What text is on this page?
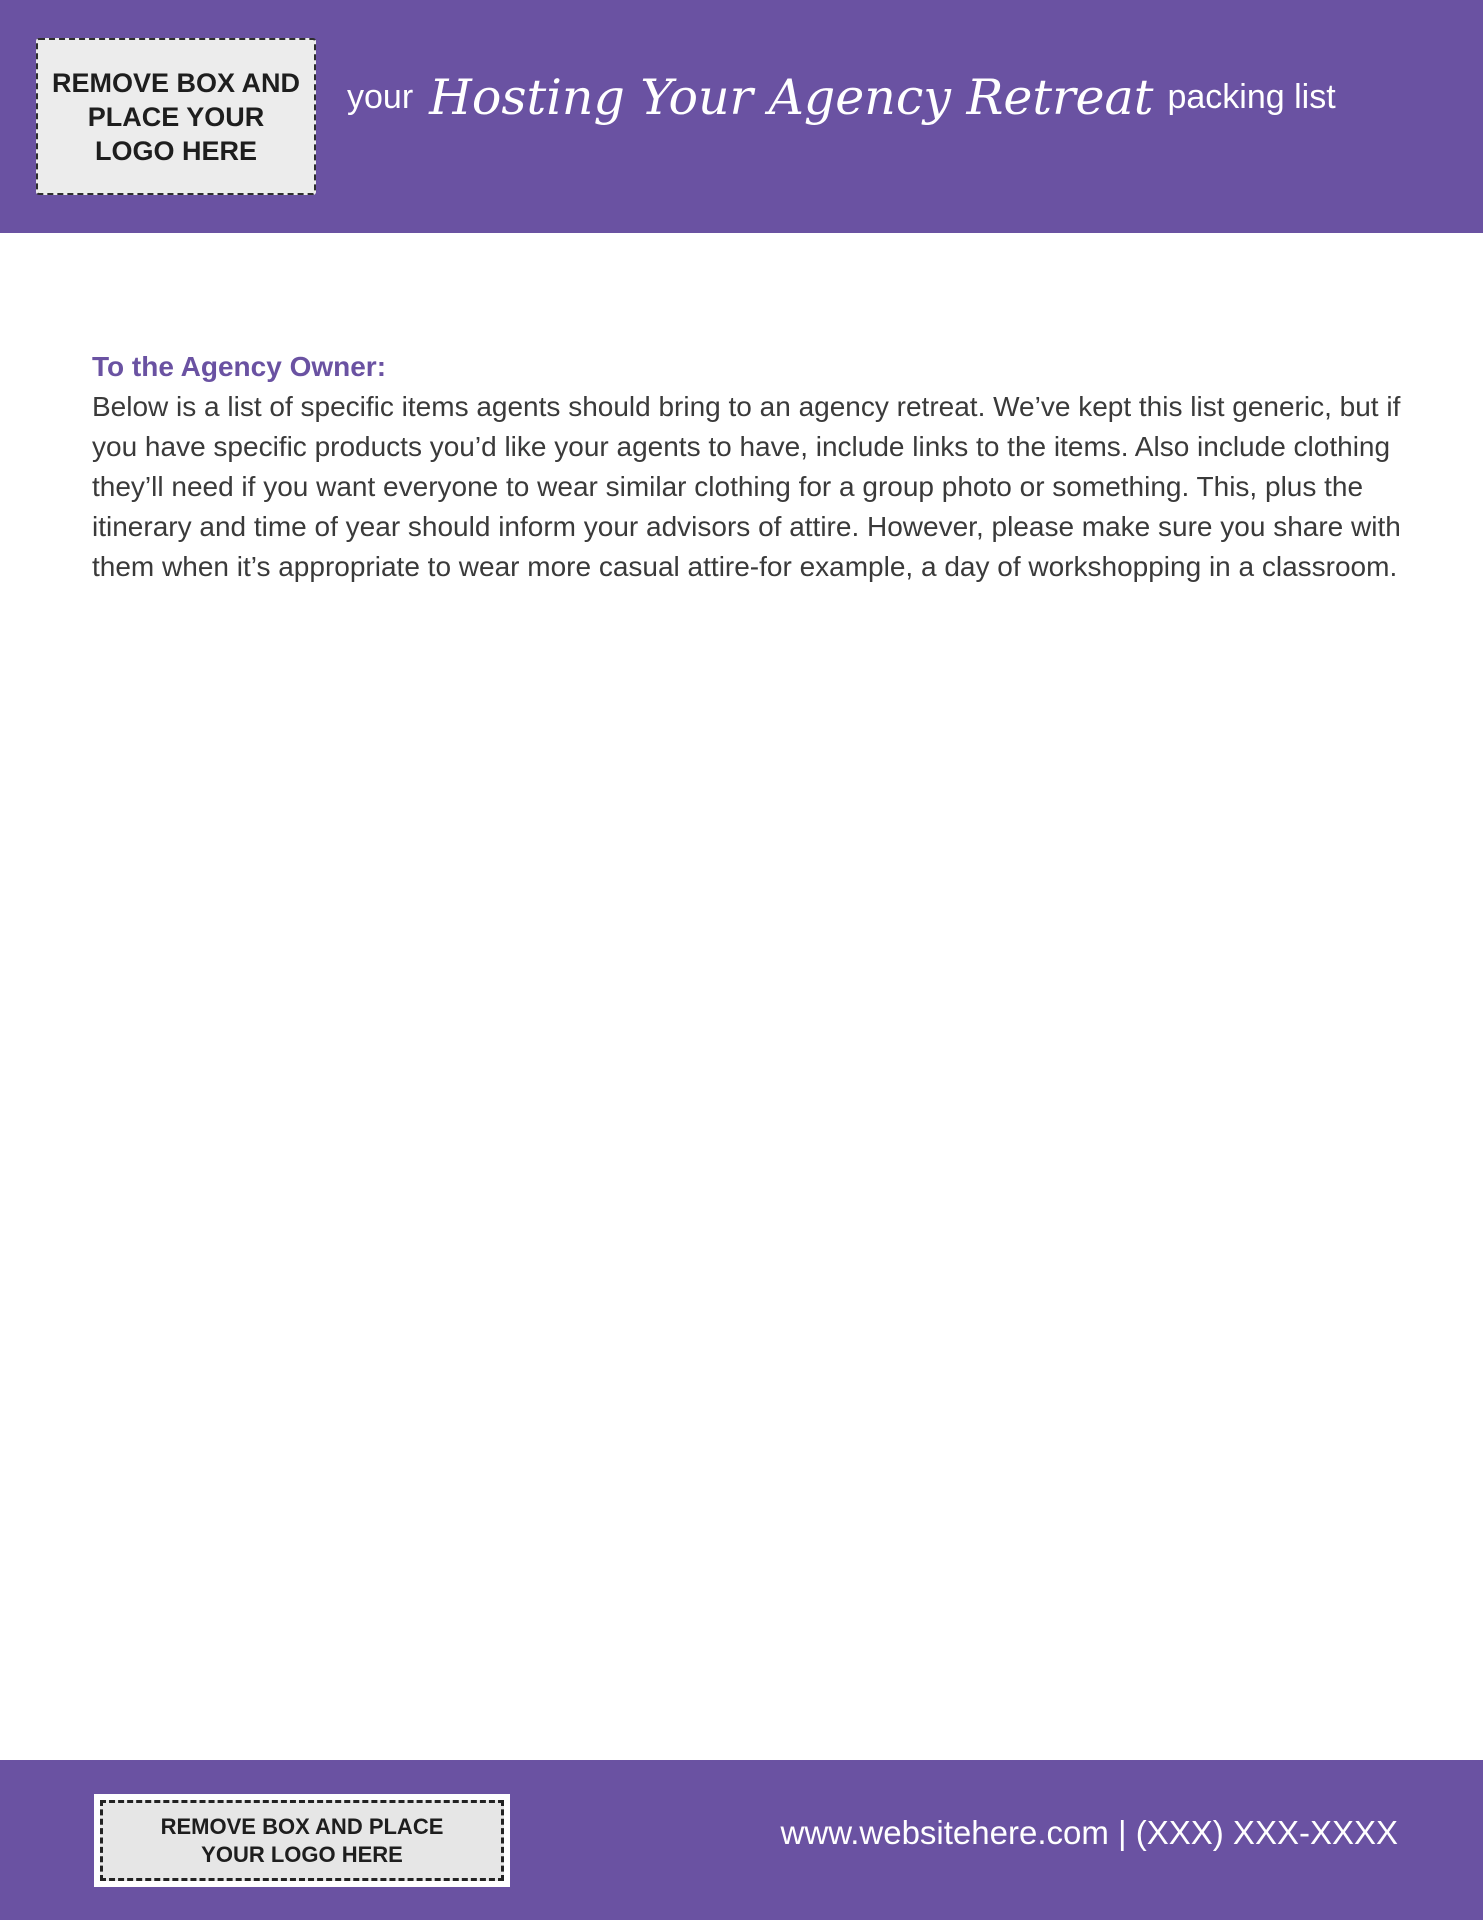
REMOVE BOX AND PLACE YOUR LOGO HERE
your Hosting Your Agency Retreat packing list

To the Agency Owner:

Below is a list of specific items agents should bring to an agency retreat. We’ve kept this list generic, but if you have specific products you’d like your agents to have, include links to the items. Also include clothing they’ll need if you want everyone to wear similar clothing for a group photo or something. This, plus the itinerary and time of year should inform your advisors of attire. However, please make sure you share with them when it’s appropriate to wear more casual attire-for example, a day of workshopping in a classroom.

REMOVE BOX AND PLACE YOUR LOGO HERE
www.websitehere.com | (XXX) XXX-XXXX
